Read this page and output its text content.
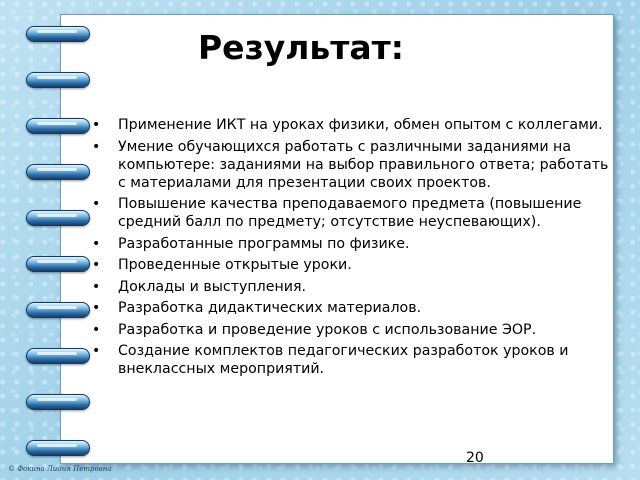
Результат:
• Применение ИКТ на уроках физики, обмен опытом с коллегами.
• Умение обучающихся работать с различными заданиями на компьютере: заданиями на выбор правильного ответа; работать с материалами для презентации своих проектов.
• Повышение качества преподаваемого предмета (повышение средний балл по предмету; отсутствие неуспевающих).
• Разработанные программы по физике.
• Проведенные открытые уроки.
• Доклады и выступления.
• Разработка дидактических материалов.
• Разработка и проведение уроков с использование ЭОР.
• Создание комплектов педагогических разработок уроков и внеклассных мероприятий.
20
© Фокина Лидия Петровна
